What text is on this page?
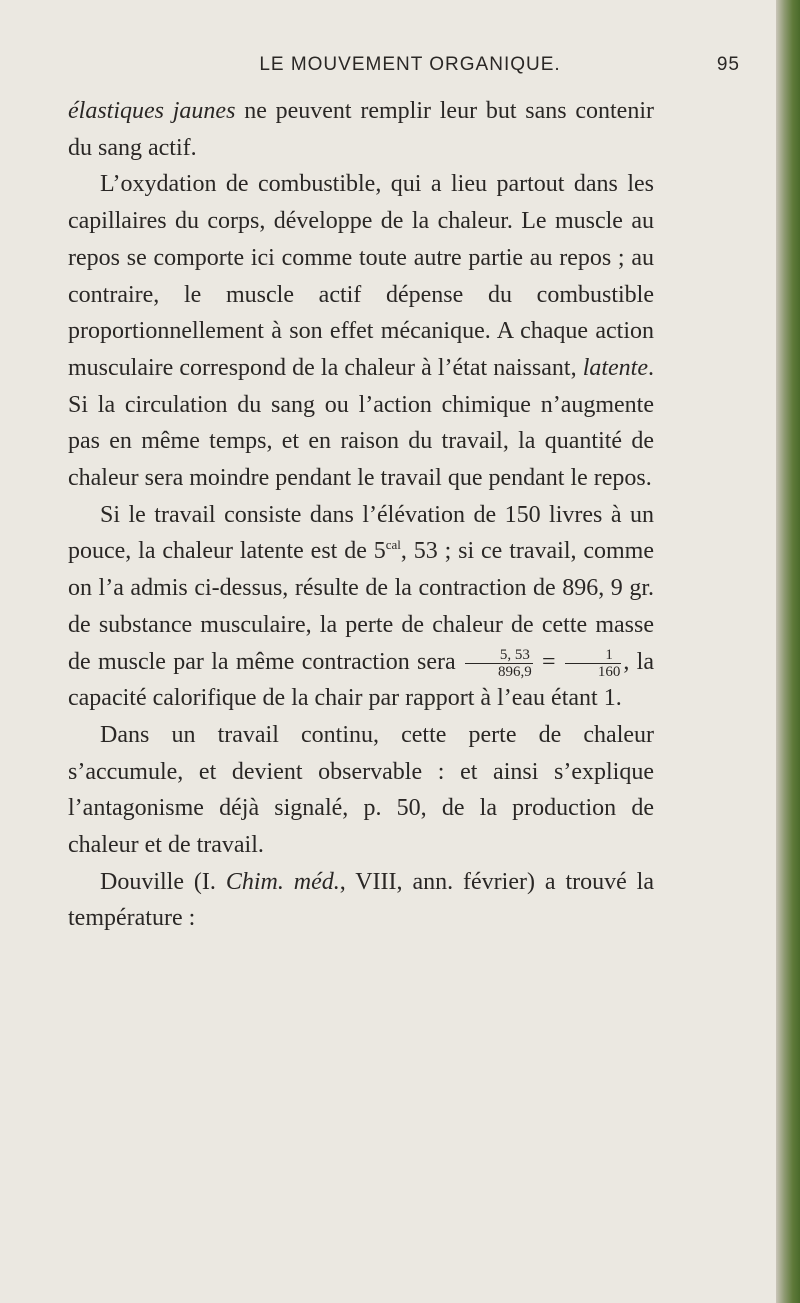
LE MOUVEMENT ORGANIQUE.	95

élastiques jaunes ne peuvent remplir leur but sans contenir du sang actif.

L’oxydation de combustible, qui a lieu partout dans les capillaires du corps, développe de la chaleur. Le muscle au repos se comporte ici comme toute autre partie au repos ; au contraire, le muscle actif dépense du combustible proportionnellement à son effet mécanique. A chaque action musculaire correspond de la chaleur à l’état naissant, latente. Si la circulation du sang ou l’action chimique n’augmente pas en même temps, et en raison du travail, la quantité de chaleur sera moindre pendant le travail que pendant le repos.

Si le travail consiste dans l’élévation de 150 livres à un pouce, la chaleur latente est de $5^{cal}$, 53 ; si ce travail, comme on l’a admis ci-dessus, résulte de la contraction de 896, 9 gr. de substance musculaire, la perte de chaleur de cette masse de muscle par la même contraction sera $\frac{5, 53}{896,9} = \frac{1}{160}$ , la capacité calorifique de la chair par rapport à l’eau étant 1.

Dans un travail continu, cette perte de chaleur s’accumule, et devient observable : et ainsi s’explique l’antagonisme déjà signalé, p. 50, de la production de chaleur et de travail.

Douville (I. Chim. méd., VIII, ann. février) a trouvé la température :
